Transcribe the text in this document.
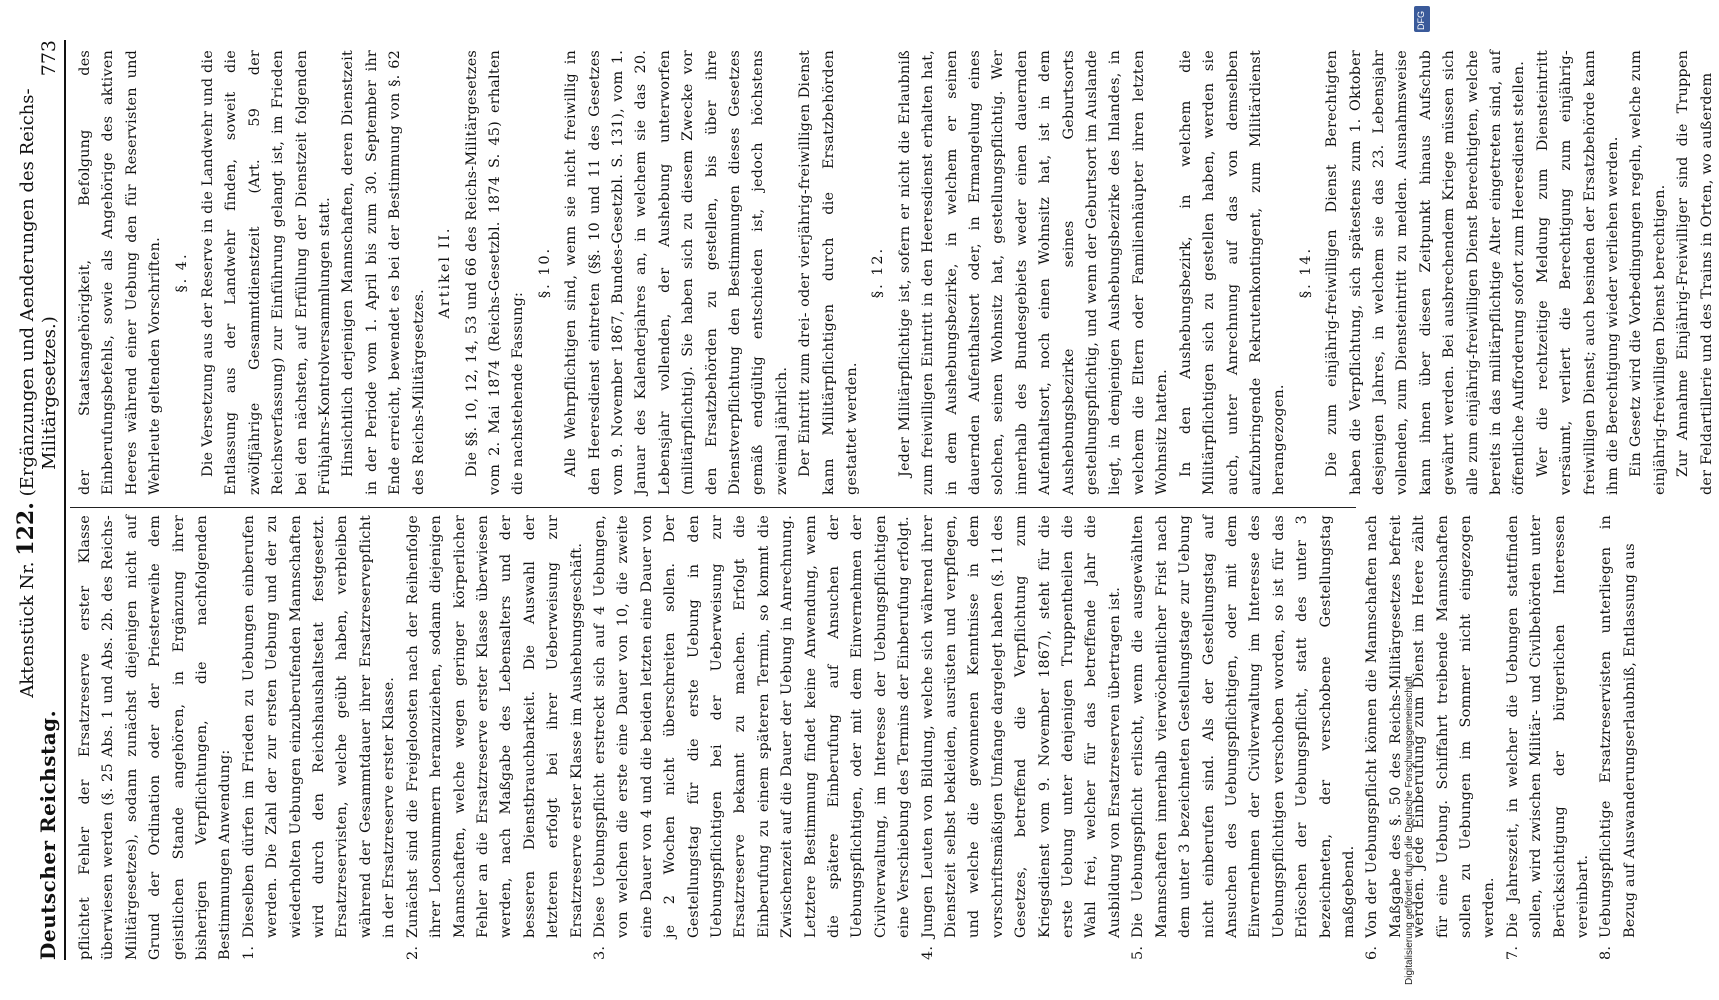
DFG
Digitalisierung gefördert durch die Deutsche Forschungsgemeinschaft
Deutscher Reichstag.
Aktenstück Nr. 122. (Ergänzungen und Aenderungen des Reichs-Militärgesetzes.)
773

pflichtet Fehler der Ersatzreserve erster Klasse überwiesen werden (§. 25 Abs. 1 und Abs. 2b. des Reichs-Militärgesetzes), sodann zunächst diejenigen nicht auf Grund der Ordination oder der Priesterweihe dem geistlichen Stande angehören, in Ergänzung ihrer bisherigen Verpflichtungen, die nachfolgenden Bestimmungen Anwendung: 1.
Dieselben dürfen im Frieden zu Uebungen einberufen werden. Die Zahl der zur ersten Uebung und der zu wiederholten Uebungen einzuberufenden Mannschaften wird durch den Reichshaushaltsetat festgesetzt. Ersatzreservisten, welche geübt haben, verbleiben während der Gesammtdauer ihrer Ersatzreservepflicht in der Ersatzreserve erster Klasse.
2.
Zunächst sind die Freigeloosten nach der Reihenfolge ihrer Loosnummern heranzuziehen, sodann diejenigen Mannschaften, welche wegen geringer körperlicher Fehler an die Ersatzreserve erster Klasse überwiesen werden, nach Maßgabe des Lebensalters und der besseren Dienstbrauchbarkeit. Die Auswahl der letzteren erfolgt bei ihrer Ueberweisung zur Ersatzreserve erster Klasse im Aushebungsgeschäft.
3.
Diese Uebungspflicht erstreckt sich auf 4 Uebungen, von welchen die erste eine Dauer von 10, die zweite eine Dauer von 4 und die beiden letzten eine Dauer von je 2 Wochen nicht überschreiten sollen. Der Gestellungstag für die erste Uebung in den Uebungspflichtigen bei der Ueberweisung zur Ersatzreserve bekannt zu machen. Erfolgt die Einberufung zu einem späteren Termin, so kommt die Zwischenzeit auf die Dauer der Uebung in Anrechnung. Letztere Bestimmung findet keine Anwendung, wenn die spätere Einberufung auf Ansuchen der Uebungspflichtigen, oder mit dem Einvernehmen der Civilverwaltung, im Interesse der Uebungspflichtigen eine Verschiebung des Termins der Einberufung erfolgt.
4.
Jungen Leuten von Bildung, welche sich während ihrer Dienstzeit selbst bekleiden, ausrüsten und verpflegen, und welche die gewonnenen Kenntnisse in dem vorschriftsmäßigen Umfange dargelegt haben (§. 11 des Gesetzes, betreffend die Verpflichtung zum Kriegsdienst vom 9. November 1867), steht für die erste Uebung unter denjenigen Truppentheilen die Wahl frei, welcher für das betreffende Jahr die Ausbildung von Ersatzreserven übertragen ist.
5.
Die Uebungspflicht erlischt, wenn die ausgewählten Mannschaften innerhalb vierwöchentlicher Frist nach dem unter 3 bezeichneten Gestellungstage zur Uebung nicht einberufen sind. Als der Gestellungstag auf Ansuchen des Uebungspflichtigen, oder mit dem Einvernehmen der Civilverwaltung im Interesse des Uebungspflichtigen verschoben worden, so ist für das Erlöschen der Uebungspflicht, statt des unter 3 bezeichneten, der verschobene Gestellungstag maßgebend.
6.
Von der Uebungspflicht können die Mannschaften nach Maßgabe des §. 50 des Reichs-Militärgesetzes befreit werden. Jede Einberufung zum Dienst im Heere zählt für eine Uebung. Schiffahrt treibende Mannschaften sollen zu Uebungen im Sommer nicht eingezogen werden.
7.
Die Jahreszeit, in welcher die Uebungen stattfinden sollen, wird zwischen Militär- und Civilbehörden unter Berücksichtigung der bürgerlichen Interessen vereinbart.
8.
Uebungspflichtige Ersatzreservisten unterliegen in Bezug auf Auswanderungserlaubniß, Entlassung aus

der Staatsangehörigkeit, Befolgung des Einberufungsbefehls, sowie als Angehörige des aktiven Heeres während einer Uebung den für Reservisten und Wehrleute geltenden Vorschriften. §. 4. Die Versetzung aus der Reserve in die Landwehr und die Entlassung aus der Landwehr finden, soweit die zwölfjährige Gesammtdienstzeit (Art. 59 der Reichsverfassung) zur Einführung gelangt ist, im Frieden bei den nächsten, auf Erfüllung der Dienstzeit folgenden Frühjahrs-Kontrolversammlungen statt. Hinsichtlich derjenigen Mannschaften, deren Dienstzeit in der Periode vom 1. April bis zum 30. September ihr Ende erreicht, bewendet es bei der Bestimmung von §. 62 des Reichs-Militärgesetzes.

Artikel II. Die §§. 10, 12, 14, 53 und 66 des Reichs-Militärgesetzes vom 2. Mai 1874 (Reichs-Gesetzbl. 1874 S. 45) erhalten die nachstehende Fassung:

§. 10. Alle Wehrpflichtigen sind, wenn sie nicht freiwillig in den Heeresdienst eintreten (§§. 10 und 11 des Gesetzes vom 9. November 1867, Bundes-Gesetzbl. S. 131), vom 1. Januar des Kalenderjahres an, in welchem sie das 20. Lebensjahr vollenden, der Aushebung unterworfen (militärpflichtig). Sie haben sich zu diesem Zwecke vor den Ersatzbehörden zu gestellen, bis über ihre Dienstverpflichtung den Bestimmungen dieses Gesetzes gemäß endgültig entschieden ist, jedoch höchstens zweimal jährlich. Der Eintritt zum drei- oder vierjährig-freiwilligen Dienst kann Militärpflichtigen durch die Ersatzbehörden gestattet werden.

§. 12. Jeder Militärpflichtige ist, sofern er nicht die Erlaubniß zum freiwilligen Eintritt in den Heeresdienst erhalten hat, in dem Aushebungsbezirke, in welchem er seinen dauernden Aufenthaltsort oder, in Ermangelung eines solchen, seinen Wohnsitz hat, gestellungspflichtig. Wer innerhalb des Bundesgebiets weder einen dauernden Aufenthaltsort, noch einen Wohnsitz hat, ist in dem Aushebungsbezirke seines Geburtsorts gestellungspflichtig, und wenn der Geburtsort im Auslande liegt, in demjenigen Aushebungsbezirke des Inlandes, in welchem die Eltern oder Familienhäupter ihren letzten Wohnsitz hatten. In den Aushebungsbezirk, in welchem die Militärpflichtigen sich zu gestellen haben, werden sie auch, unter Anrechnung auf das von demselben aufzubringende Rekrutenkontingent, zum Militärdienst herangezogen.

§. 14. Die zum einjährig-freiwilligen Dienst Berechtigten haben die Verpflichtung, sich spätestens zum 1. Oktober desjenigen Jahres, in welchem sie das 23. Lebensjahr vollenden, zum Diensteintritt zu melden. Ausnahmsweise kann ihnen über diesen Zeitpunkt hinaus Aufschub gewährt werden. Bei ausbrechendem Kriege müssen sich alle zum einjährig-freiwilligen Dienst Berechtigten, welche bereits in das militärpflichtige Alter eingetreten sind, auf öffentliche Aufforderung sofort zum Heeresdienst stellen. Wer die rechtzeitige Meldung zum Diensteintritt versäumt, verliert die Berechtigung zum einjährig-freiwilligen Dienst; auch besinden der Ersatzbehörde kann ihm die Berechtigung wieder verliehen werden. Ein Gesetz wird die Vorbedingungen regeln, welche zum einjährig-freiwilligen Dienst berechtigen. Zur Annahme Einjährig-Freiwilliger sind die Truppen der Feldartillerie und des Trains in Orten, wo außerdem
